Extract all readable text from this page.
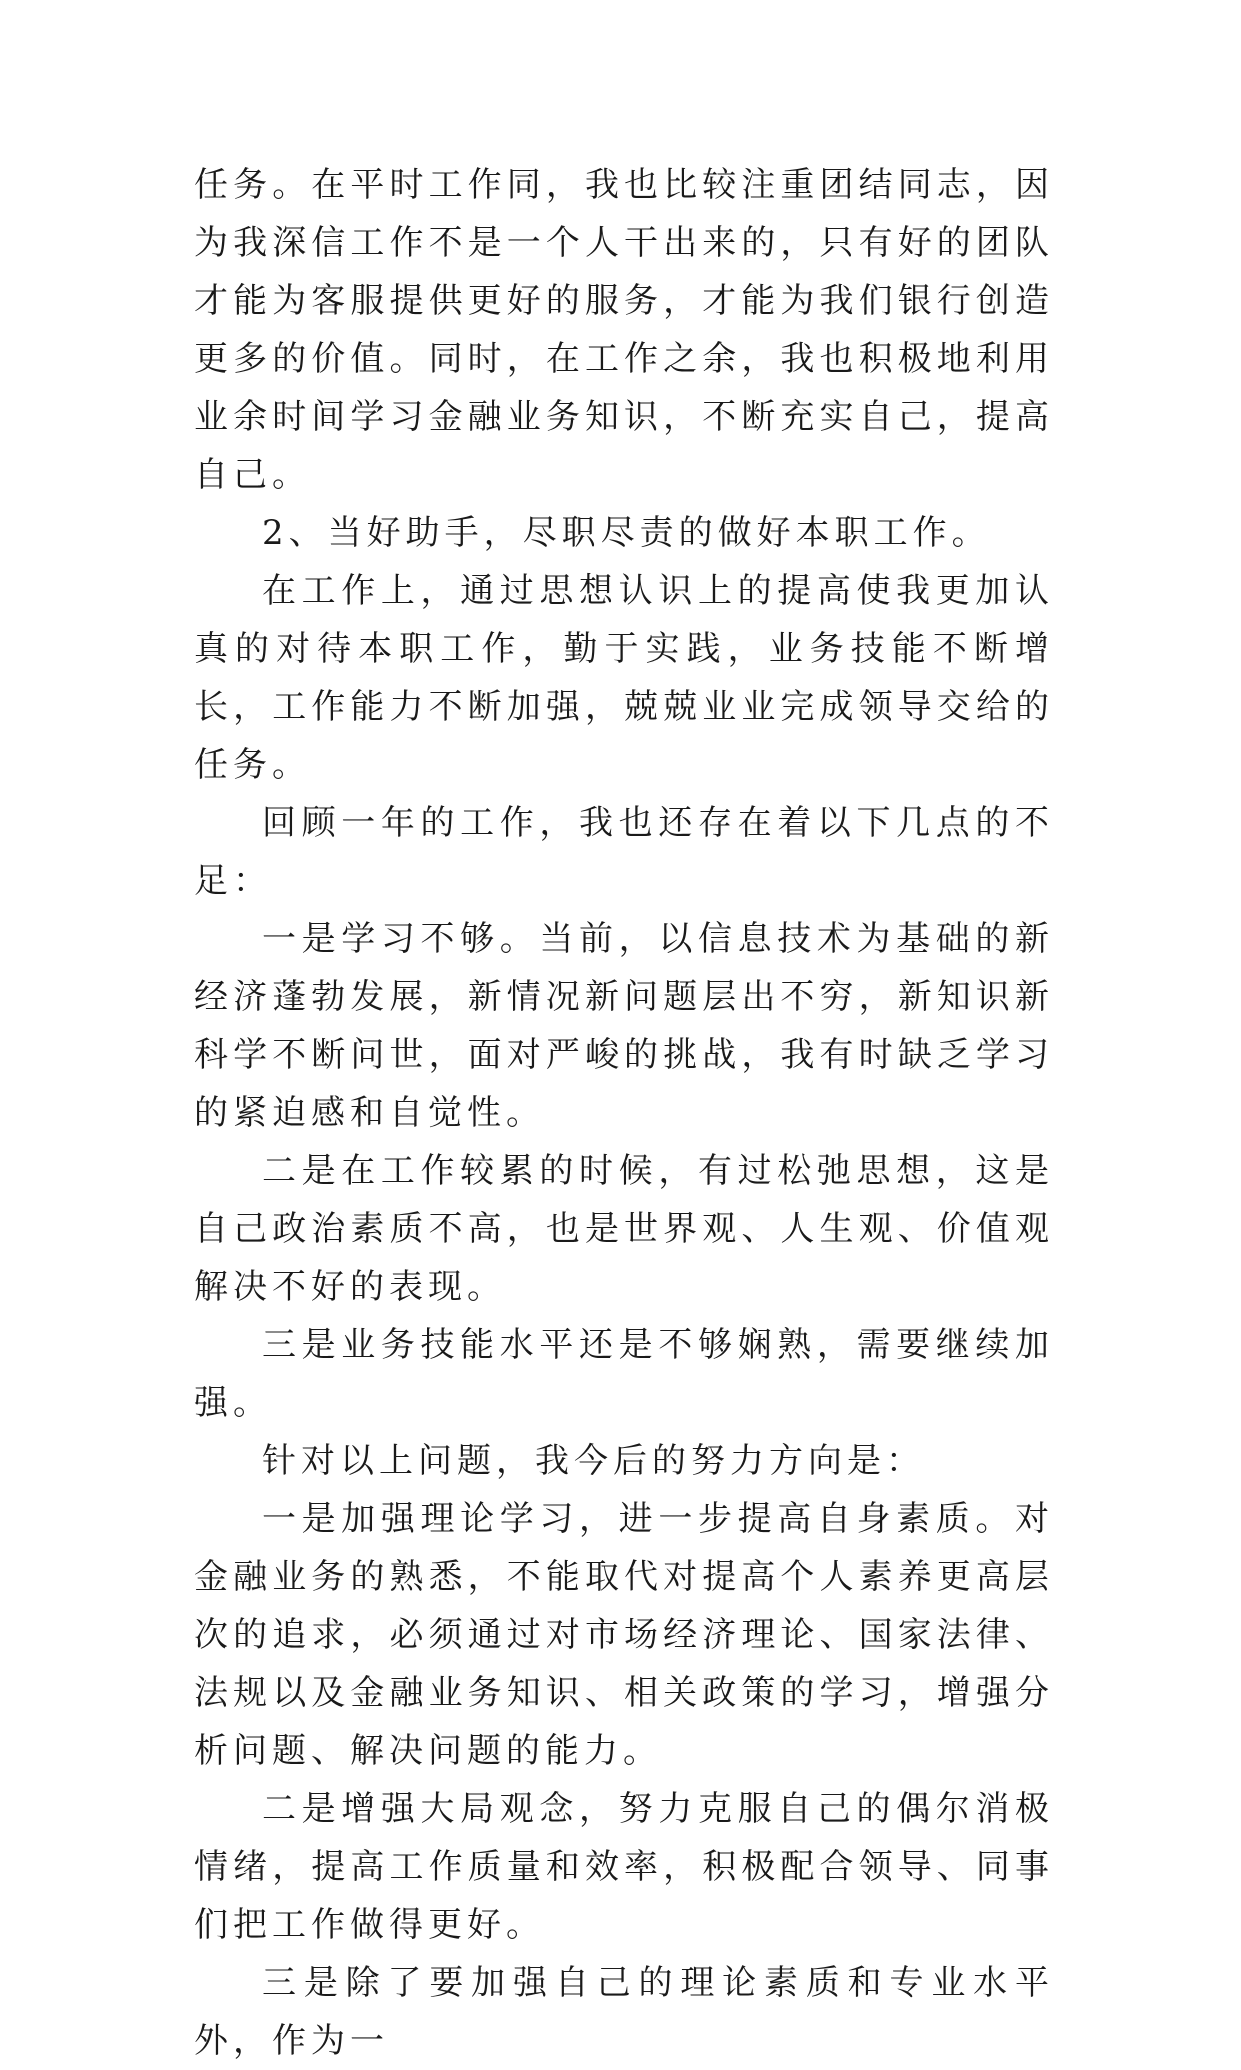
任务。在平时工作同，我也比较注重团结同志，因为我深信工作不是一个人干出来的，只有好的团队才能为客服提供更好的服务，才能为我们银行创造更多的价值。同时，在工作之余，我也积极地利用业余时间学习金融业务知识，不断充实自己，提高自己。

2、当好助手，尽职尽责的做好本职工作。

在工作上，通过思想认识上的提高使我更加认真的对待本职工作，勤于实践，业务技能不断增长，工作能力不断加强，兢兢业业完成领导交给的任务。

回顾一年的工作，我也还存在着以下几点的不足：

一是学习不够。当前，以信息技术为基础的新经济蓬勃发展，新情况新问题层出不穷，新知识新科学不断问世，面对严峻的挑战，我有时缺乏学习的紧迫感和自觉性。

二是在工作较累的时候，有过松弛思想，这是自己政治素质不高，也是世界观、人生观、价值观解决不好的表现。

三是业务技能水平还是不够娴熟，需要继续加强。

针对以上问题，我今后的努力方向是：

一是加强理论学习，进一步提高自身素质。对金融业务的熟悉，不能取代对提高个人素养更高层次的追求，必须通过对市场经济理论、国家法律、法规以及金融业务知识、相关政策的学习，增强分析问题、解决问题的能力。

二是增强大局观念，努力克服自己的偶尔消极情绪，提高工作质量和效率，积极配合领导、同事们把工作做得更好。

三是除了要加强自己的理论素质和专业水平外，作为一
